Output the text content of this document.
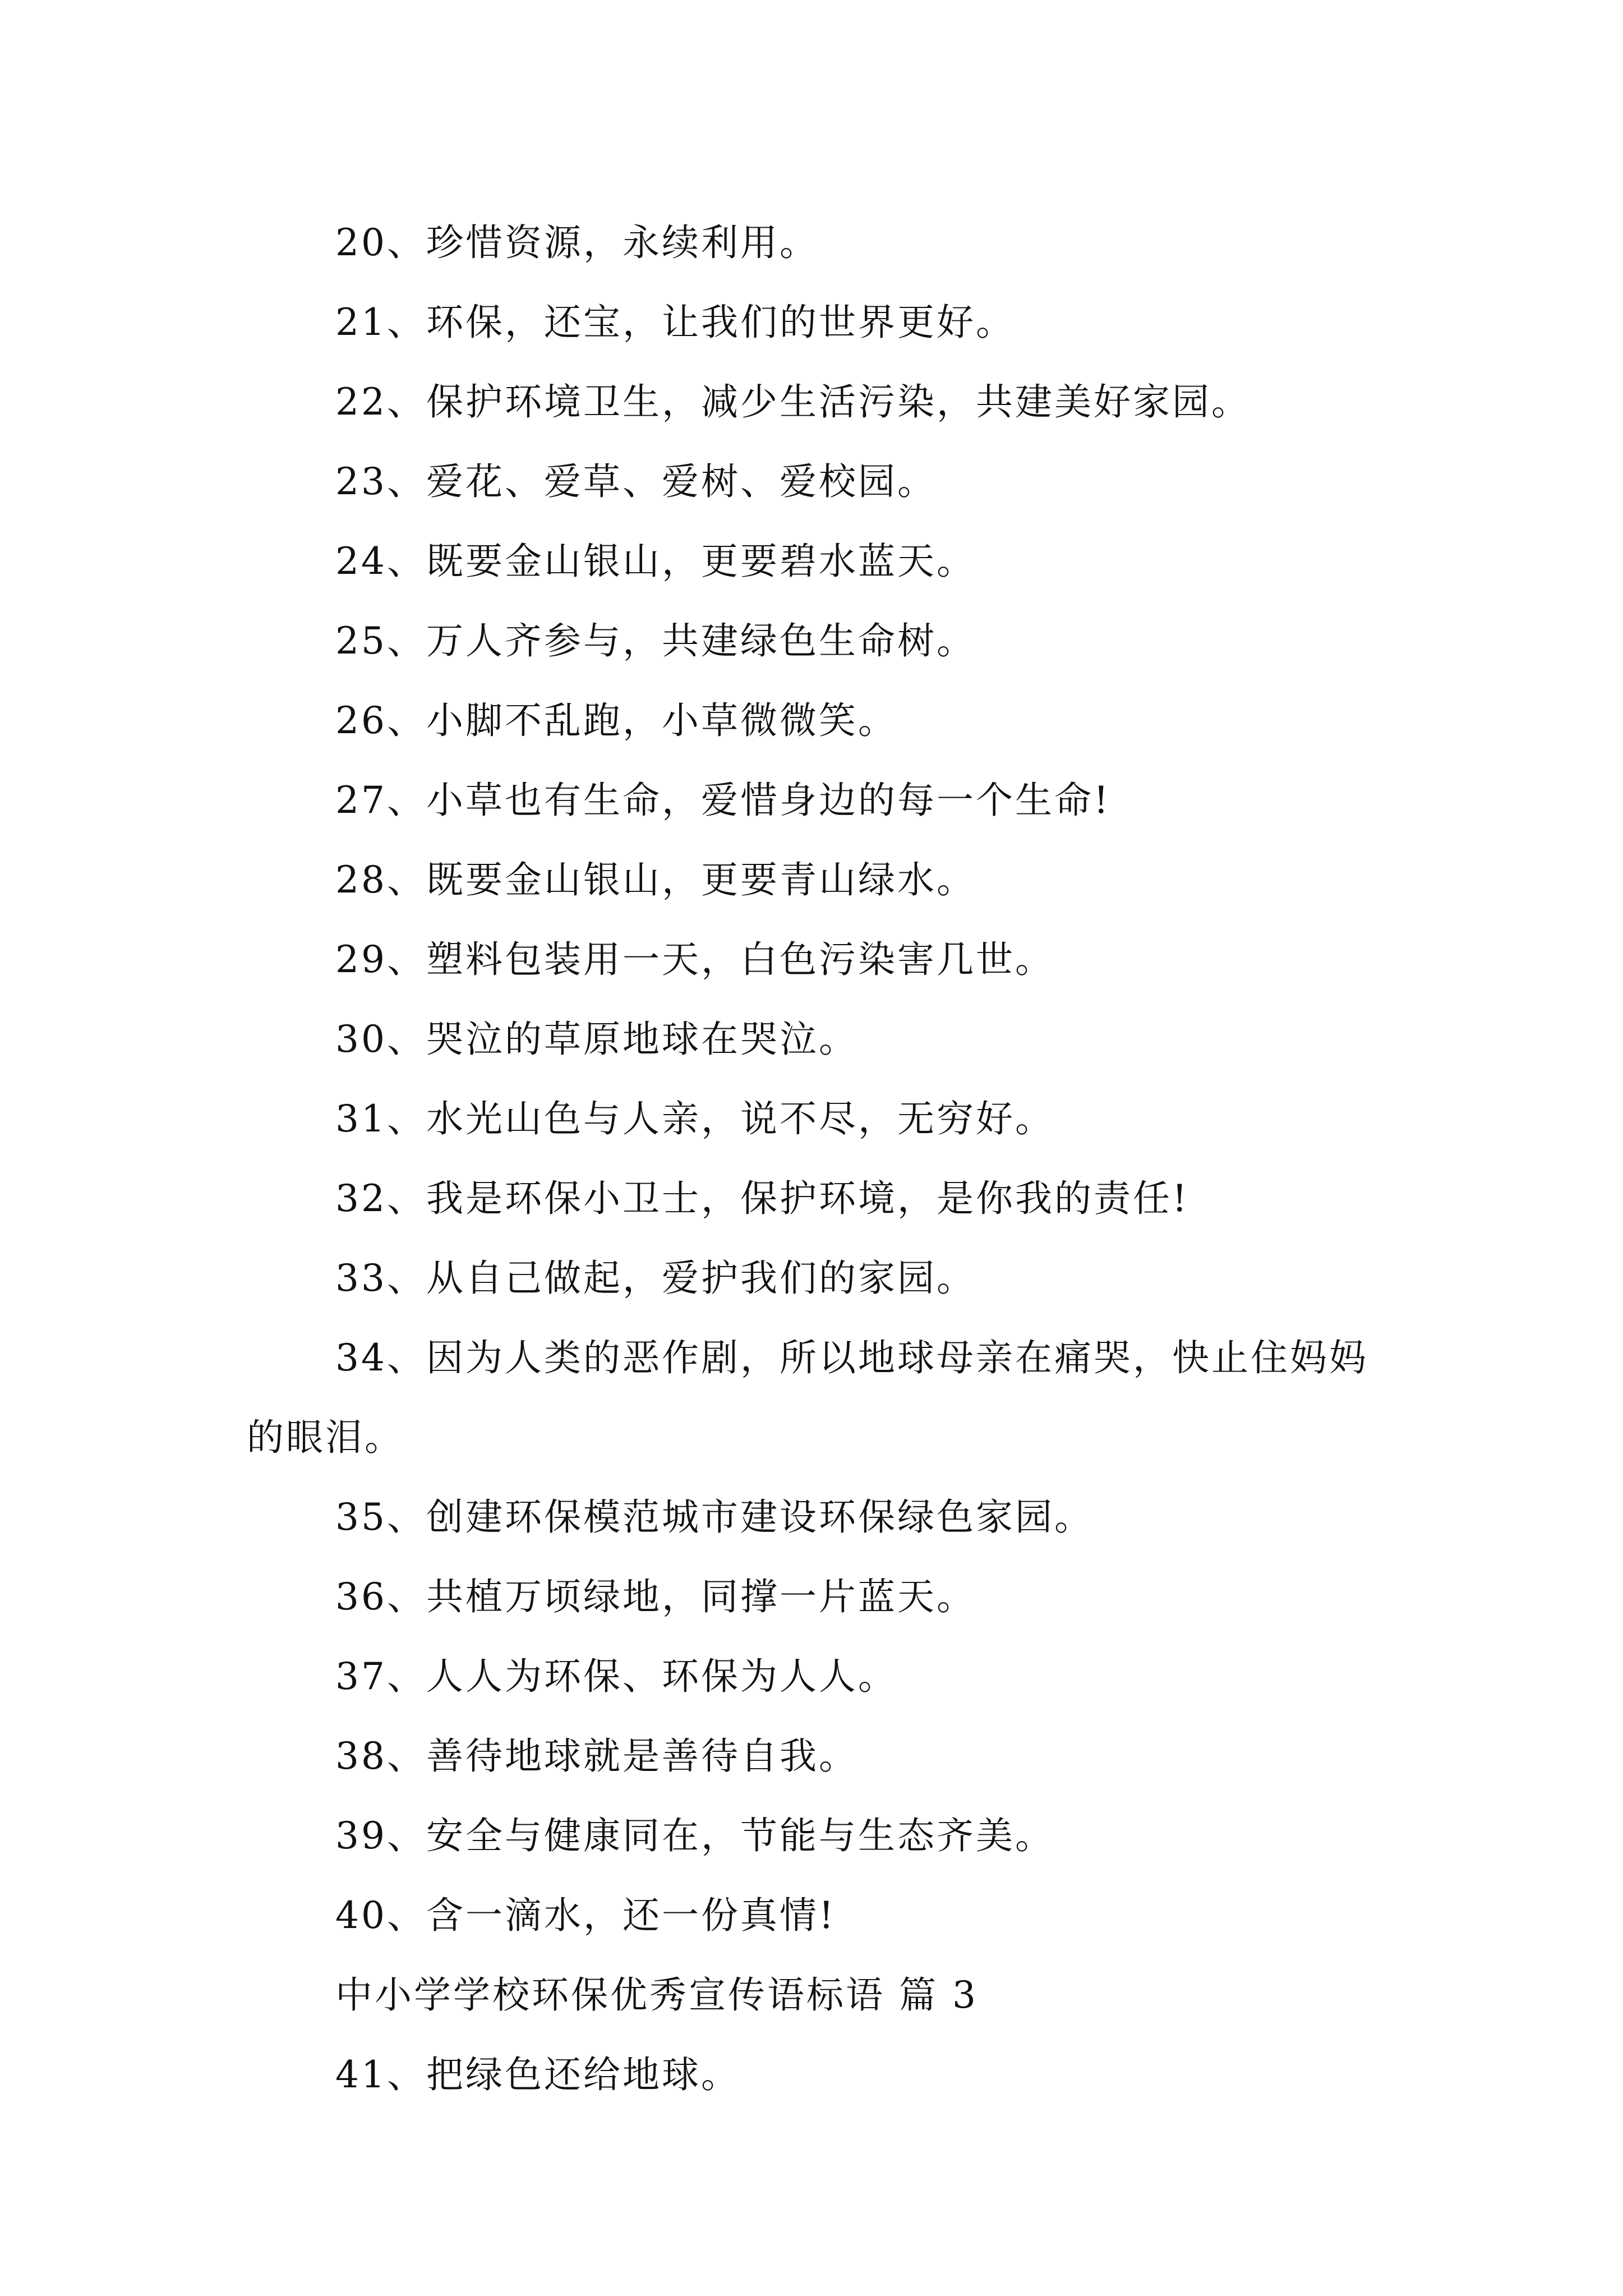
20、珍惜资源，永续利用。
21、环保，还宝，让我们的世界更好。
22、保护环境卫生，减少生活污染，共建美好家园。
23、爱花、爱草、爱树、爱校园。
24、既要金山银山，更要碧水蓝天。
25、万人齐参与，共建绿色生命树。
26、小脚不乱跑，小草微微笑。
27、小草也有生命，爱惜身边的每一个生命!
28、既要金山银山，更要青山绿水。
29、塑料包装用一天，白色污染害几世。
30、哭泣的草原地球在哭泣。
31、水光山色与人亲，说不尽，无穷好。
32、我是环保小卫士，保护环境，是你我的责任!
33、从自己做起，爱护我们的家园。
34、因为人类的恶作剧，所以地球母亲在痛哭，快止住妈妈的眼泪。
35、创建环保模范城市建设环保绿色家园。
36、共植万顷绿地，同撑一片蓝天。
37、人人为环保、环保为人人。
38、善待地球就是善待自我。
39、安全与健康同在，节能与生态齐美。
40、含一滴水，还一份真情!
中小学学校环保优秀宣传语标语 篇 3
41、把绿色还给地球。
